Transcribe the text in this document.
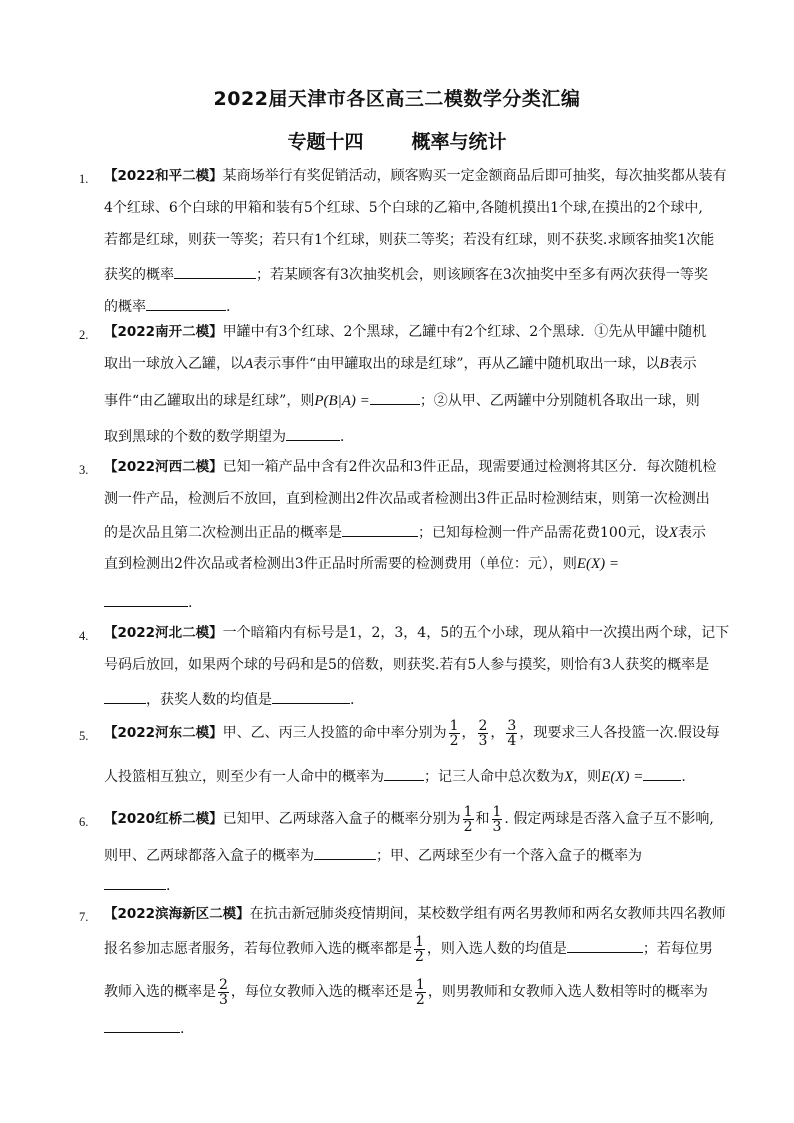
2022届天津市各区高三二模数学分类汇编
专题十四	概率与统计
1. 【2022和平二模】某商场举行有奖促销活动，顾客购买一定金额商品后即可抽奖，每次抽奖都从装有
4个红球、6个白球的甲箱和装有5个红球、5个白球的乙箱中,各随机摸出1个球,在摸出的2个球中,
若都是红球，则获一等奖；若只有1个红球，则获二等奖；若没有红球，则不获奖.求顾客抽奖1次能
获奖的概率	；若某顾客有3次抽奖机会，则该顾客在3次抽奖中至多有两次获得一等奖
的概率	.
2. 【2022南开二模】甲罐中有3个红球、2个黑球，乙罐中有2个红球、2个黑球．①先从甲罐中随机
取出一球放入乙罐，以A表示事件“由甲罐取出的球是红球”，再从乙罐中随机取出一球，以B表示
事件“由乙罐取出的球是红球”，则P(B|A) =	；②从甲、乙两罐中分别随机各取出一球，则
取到黑球的个数的数学期望为	．
3. 【2022河西二模】已知一箱产品中含有2件次品和3件正品，现需要通过检测将其区分．每次随机检
测一件产品，检测后不放回，直到检测出2件次品或者检测出3件正品时检测结束，则第一次检测出
的是次品且第二次检测出正品的概率是	；已知每检测一件产品需花费100元，设X表示
直到检测出2件次品或者检测出3件正品时所需要的检测费用（单位：元），则E(X) =
.
4. 【2022河北二模】一个暗箱内有标号是1，2，3，4，5的五个小球，现从箱中一次摸出两个球，记下
号码后放回，如果两个球的号码和是5的倍数，则获奖.若有5人参与摸奖，则恰有3人获奖的概率是
，获奖人数的均值是	.
5. 【2022河东二模】甲、乙、丙三人投篮的命中率分别为 $\frac{1}{2}$ ， $\frac{2}{3}$ ， $\frac{3}{4}$ ，现要求三人各投篮一次.假设每
人投篮相互独立，则至少有一人命中的概率为	；记三人命中总次数为X，则E(X) =	.
6. 【2020红桥二模】已知甲、乙两球落入盒子的概率分别为 $\frac{1}{2}$ 和 $\frac{1}{3}$ . 假定两球是否落入盒子互不影响,
则甲、乙两球都落入盒子的概率为	；甲、乙两球至少有一个落入盒子的概率为
.
7. 【2022滨海新区二模】在抗击新冠肺炎疫情期间，某校数学组有两名男教师和两名女教师共四名教师
报名参加志愿者服务，若每位教师入选的概率都是 $\frac{1}{2}$ ，则入选人数的均值是	；若每位男
教师入选的概率是 $\frac{2}{3}$ ，每位女教师入选的概率还是 $\frac{1}{2}$ ，则男教师和女教师入选人数相等时的概率为
.
